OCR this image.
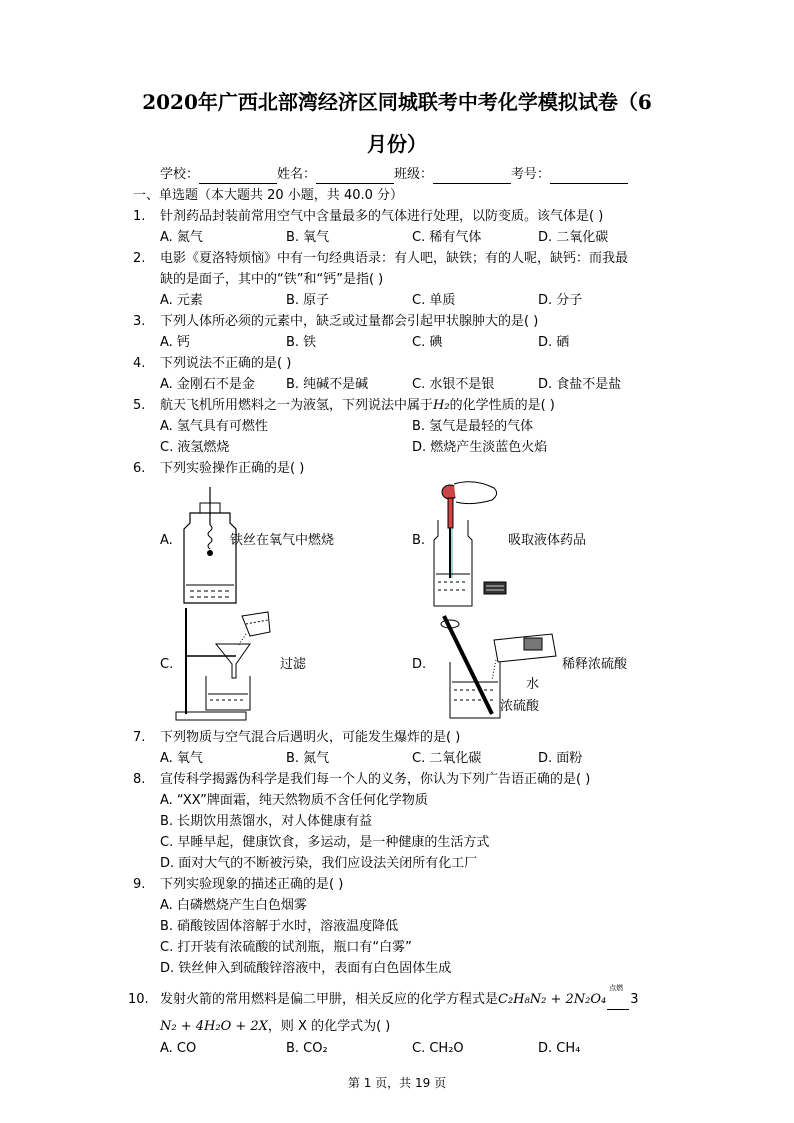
2020年广西北部湾经济区同城联考中考化学模拟试卷（6
月份）
学校：	姓名：	班级：	考号：
一、单选题（本大题共 20 小题，共 40.0 分）
1. 针剂药品封装前常用空气中含量最多的气体进行处理，以防变质。该气体是( )
A. 氮气	B. 氧气	C. 稀有气体	D. 二氧化碳
2. 电影《夏洛特烦恼》中有一句经典语录：有人吧，缺铁；有的人呢，缺钙：而我最
缺的是面子，其中的“铁”和“钙”是指( )
A. 元素	B. 原子	C. 单质	D. 分子
3. 下列人体所必须的元素中，缺乏或过量都会引起甲状腺肿大的是( )
A. 钙	B. 铁	C. 碘	D. 硒
4. 下列说法不正确的是( )
A. 金刚石不是金 B. 纯碱不是碱	C. 水银不是银	D. 食盐不是盐
5. 航天飞机所用燃料之一为液氢，下列说法中属于H₂的化学性质的是( )
A. 氢气具有可燃性	B. 氢气是最轻的气体
C. 液氢燃烧	D. 燃烧产生淡蓝色火焰
6. 下列实验操作正确的是( )
A.	铁丝在氧气中燃烧	B.	吸取液体药品
C.	过滤	D.	稀释浓硫酸
水
浓硫酸
7. 下列物质与空气混合后遇明火，可能发生爆炸的是( )
A. 氧气	B. 氮气	C. 二氧化碳	D. 面粉
8. 宣传科学揭露伪科学是我们每一个人的义务，你认为下列广告语正确的是( )
A. “XX”牌面霜，纯天然物质不含任何化学物质
B. 长期饮用蒸馏水，对人体健康有益
C. 早睡早起，健康饮食，多运动，是一种健康的生活方式
D. 面对大气的不断被污染，我们应设法关闭所有化工厂
9. 下列实验现象的描述正确的是( )
A. 白磷燃烧产生白色烟雾
B. 硝酸铵固体溶解于水时，溶液温度降低
C. 打开装有浓硫酸的试剂瓶，瓶口有“白雾”
D. 铁丝伸入到硫酸锌溶液中，表面有白色固体生成
10. 发射火箭的常用燃料是偏二甲肼，相关反应的化学方程式是C₂H₈N₂ + 2N₂O₄
点燃
3
N₂ + 4H₂O + 2X，则 X 的化学式为( )
A. CO	B. CO₂	C. CH₂O	D. CH₄
第 1 页，共 19 页
